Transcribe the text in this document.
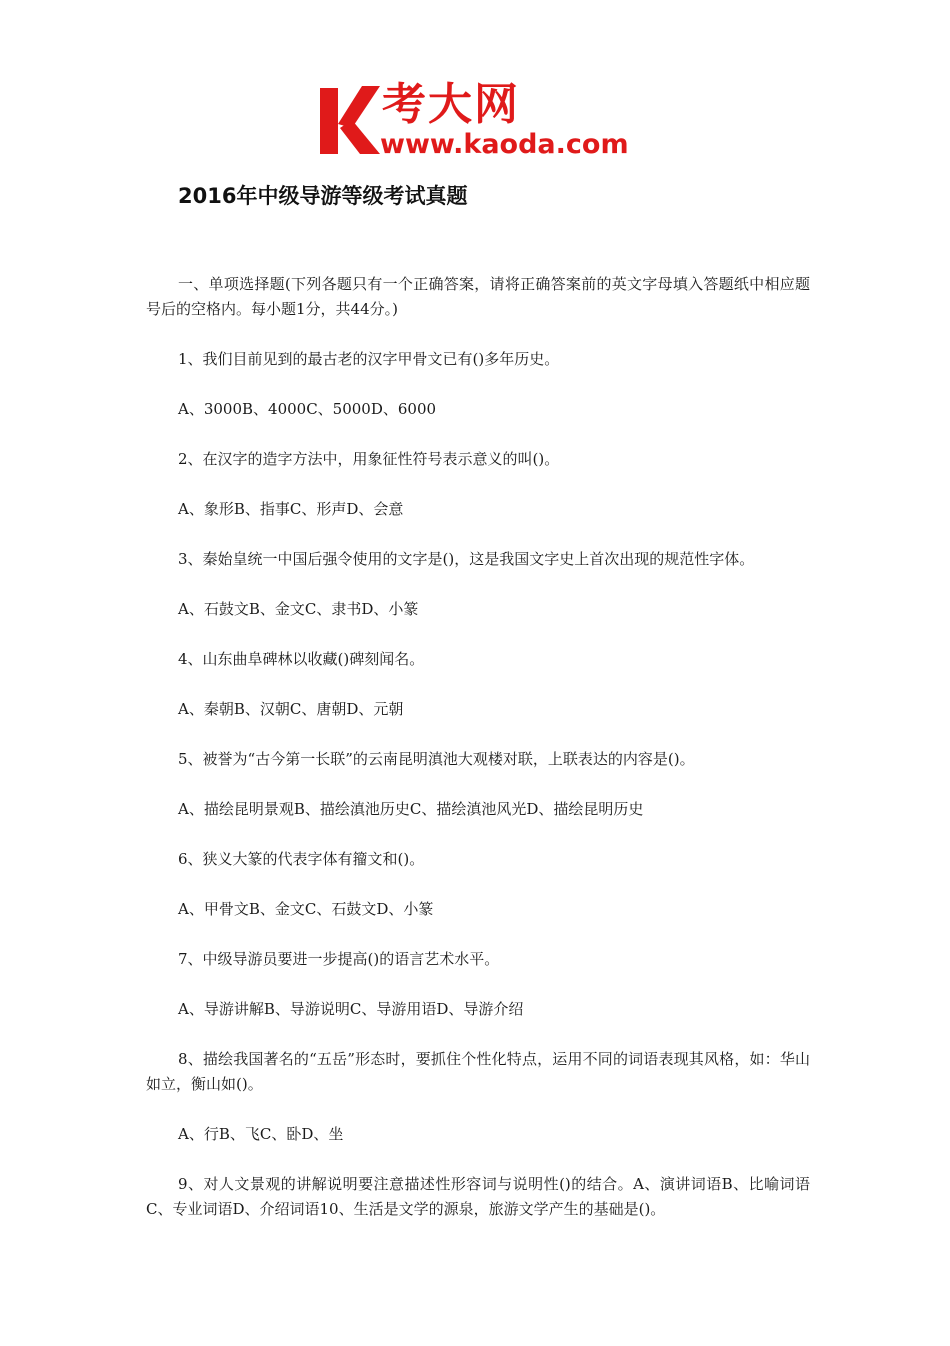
考大网
www.kaoda.com
2016年中级导游等级考试真题

一、单项选择题(下列各题只有一个正确答案，请将正确答案前的英文字母填入答题纸中相应题号后的空格内。每小题1分，共44分。)

1、我们目前见到的最古老的汉字甲骨文已有()多年历史。

A、3000B、4000C、5000D、6000

2、在汉字的造字方法中，用象征性符号表示意义的叫()。

A、象形B、指事C、形声D、会意

3、秦始皇统一中国后强令使用的文字是()，这是我国文字史上首次出现的规范性字体。

A、石鼓文B、金文C、隶书D、小篆

4、山东曲阜碑林以收藏()碑刻闻名。

A、秦朝B、汉朝C、唐朝D、元朝

5、被誉为“古今第一长联”的云南昆明滇池大观楼对联，上联表达的内容是()。

A、描绘昆明景观B、描绘滇池历史C、描绘滇池风光D、描绘昆明历史

6、狭义大篆的代表字体有籀文和()。

A、甲骨文B、金文C、石鼓文D、小篆

7、中级导游员要进一步提高()的语言艺术水平。

A、导游讲解B、导游说明C、导游用语D、导游介绍

8、描绘我国著名的“五岳”形态时，要抓住个性化特点，运用不同的词语表现其风格，如：华山如立，衡山如()。

A、行B、飞C、卧D、坐

9、对人文景观的讲解说明要注意描述性形容词与说明性()的结合。A、演讲词语B、比喻词语C、专业词语D、介绍词语10、生活是文学的源泉，旅游文学产生的基础是()。
